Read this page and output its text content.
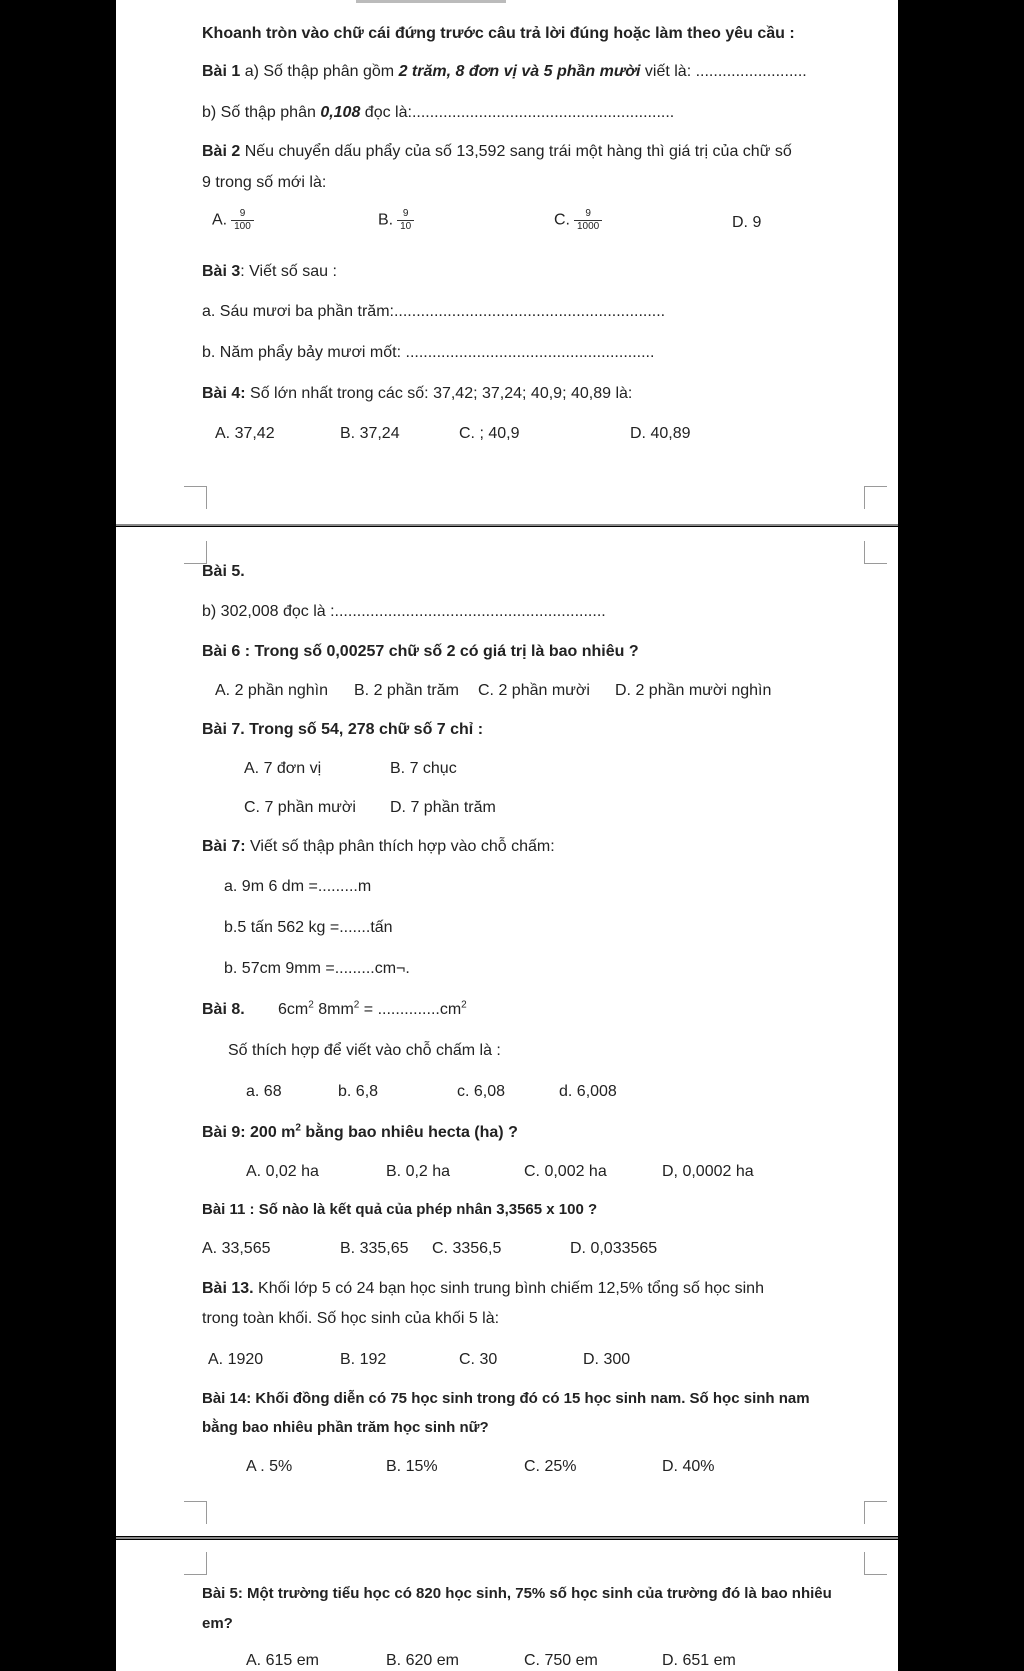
Khoanh tròn vào chữ cái đứng trước câu trả lời đúng hoặc làm theo yêu cầu :
Bài 1 a) Số thập phân gồm 2 trăm, 8 đơn vị và 5 phần mười viết là: .........................
b) Số thập phân 0,108 đọc là:...........................................................
Bài 2 Nếu chuyển dấu phẩy của số 13,592 sang trái một hàng thì giá trị của chữ số
9 trong số mới là:
A. $\frac{9}{100}$	B. $\frac{9}{10}$	C. $\frac{9}{1000}$	D. 9
Bài 3: Viết số sau :
a. Sáu mươi ba phần trăm:.............................................................
b. Năm phẩy bảy mươi mốt: ........................................................
Bài 4: Số lớn nhất trong các số: 37,42; 37,24; 40,9; 40,89 là:
A. 37,42	B. 37,24	C. ; 40,9	D. 40,89
Bài 5.
b) 302,008 đọc là :.............................................................
Bài 6 : Trong số 0,00257 chữ số 2 có giá trị là bao nhiêu ?
A. 2 phần nghìn B. 2 phần trăm C. 2 phần mười D. 2 phần mười nghìn
Bài 7. Trong số 54, 278 chữ số 7 chỉ :
A. 7 đơn vị	B. 7 chục
C. 7 phần mười D. 7 phần trăm
Bài 7: Viết số thập phân thích hợp vào chỗ chấm:
a. 9m 6 dm =.........m
b.5 tấn 562 kg =.......tấn
b. 57cm 9mm =.........cm¬.
Bài 8. $6cm^2$ $8mm^2 = ..............cm^2$
Số thích hợp để viết vào chỗ chấm là :
a. 68	b. 6,8	c. 6,08	d. 6,008
Bài 9: 200 $m^2$ bằng bao nhiêu hecta (ha) ?
A. 0,02 ha	B. 0,2 ha	C. 0,002 ha	D, 0,0002 ha
Bài 11 : Số nào là kết quả của phép nhân 3,3565 x 100 ?
A. 33,565	B. 335,65 C. 3356,5	D. 0,033565
Bài 13. Khối lớp 5 có 24 bạn học sinh trung bình chiếm 12,5% tổng số học sinh
trong toàn khối. Số học sinh của khối 5 là:
A. 1920	B. 192	C. 30	D. 300
Bài 14: Khối đồng diễn có 75 học sinh trong đó có 15 học sinh nam. Số học sinh nam
bằng bao nhiêu phần trăm học sinh nữ?
A . 5%	B. 15%	C. 25%	D. 40%
Bài 5: Một trường tiểu học có 820 học sinh, 75% số học sinh của trường đó là bao nhiêu
em?
A. 615 em	B. 620 em	C. 750 em	D. 651 em
